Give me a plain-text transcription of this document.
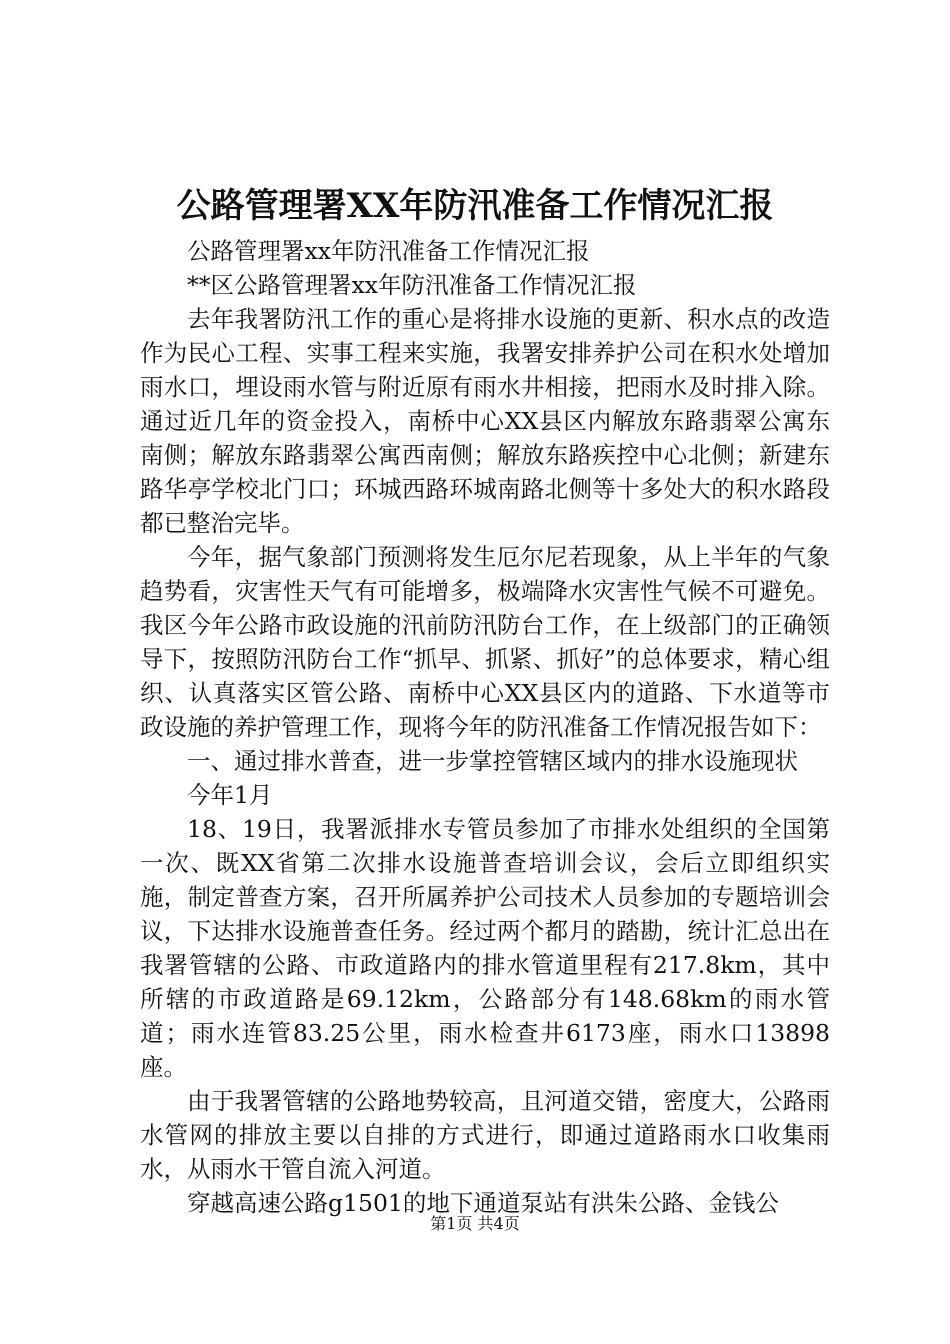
公路管理署XX年防汛准备工作情况汇报

公路管理署xx年防汛准备工作情况汇报

**区公路管理署xx年防汛准备工作情况汇报

去年我署防汛工作的重心是将排水设施的更新、积水点的改造作为民心工程、实事工程来实施，我署安排养护公司在积水处增加雨水口，埋设雨水管与附近原有雨水井相接，把雨水及时排入除。通过近几年的资金投入，南桥中心XX县区内解放东路翡翠公寓东南侧；解放东路翡翠公寓西南侧；解放东路疾控中心北侧；新建东路华亭学校北门口；环城西路环城南路北侧等十多处大的积水路段都已整治完毕。

今年，据气象部门预测将发生厄尔尼若现象，从上半年的气象趋势看，灾害性天气有可能增多，极端降水灾害性气候不可避免。我区今年公路市政设施的汛前防汛防台工作，在上级部门的正确领导下，按照防汛防台工作“抓早、抓紧、抓好”的总体要求，精心组织、认真落实区管公路、南桥中心XX县区内的道路、下水道等市政设施的养护管理工作，现将今年的防汛准备工作情况报告如下：

一、通过排水普查，进一步掌控管辖区域内的排水设施现状

今年1月

18、19日，我署派排水专管员参加了市排水处组织的全国第一次、既XX省第二次排水设施普查培训会议，会后立即组织实施，制定普查方案，召开所属养护公司技术人员参加的专题培训会议，下达排水设施普查任务。经过两个都月的踏勘，统计汇总出在我署管辖的公路、市政道路内的排水管道里程有217.8km，其中所辖的市政道路是69.12km，公路部分有148.68km的雨水管道；雨水连管83.25公里，雨水检查井6173座，雨水口13898座。

由于我署管辖的公路地势较高，且河道交错，密度大，公路雨水管网的排放主要以自排的方式进行，即通过道路雨水口收集雨水，从雨水干管自流入河道。

穿越高速公路g1501的地下通道泵站有洪朱公路、金钱公

第1页 共4页
